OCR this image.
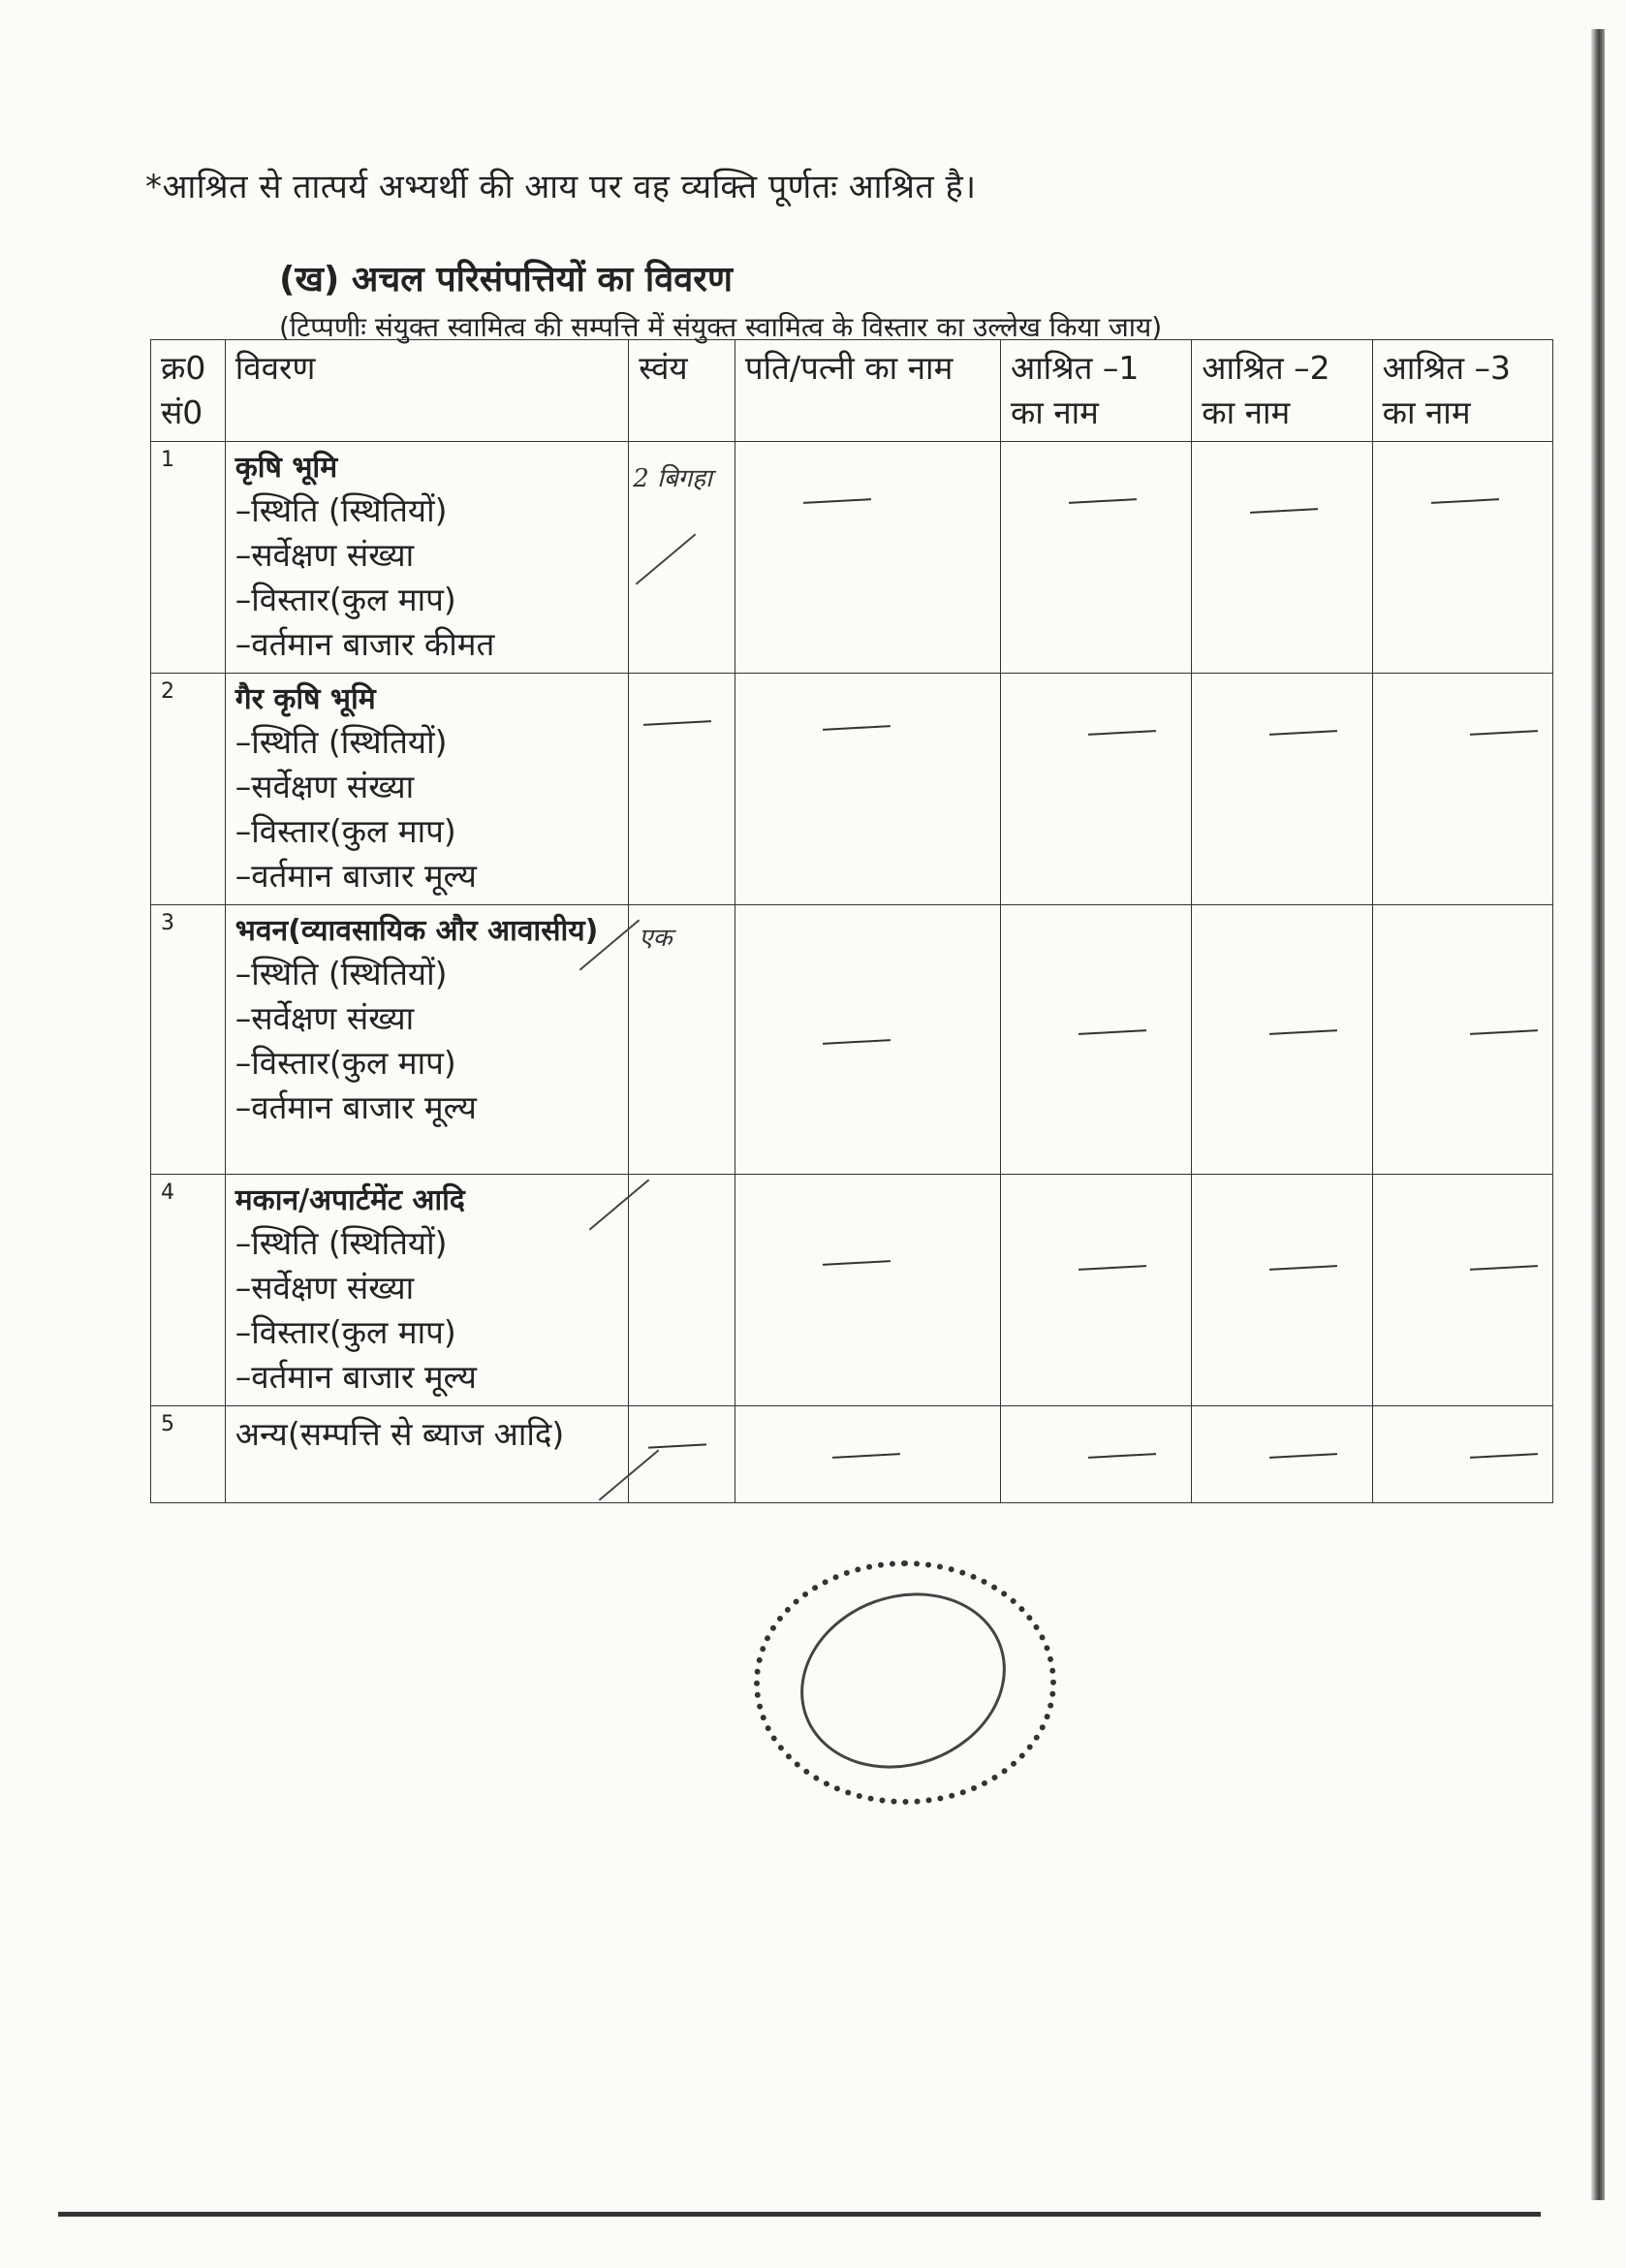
*आश्रित से तात्पर्य अभ्यर्थी की आय पर वह व्यक्ति पूर्णतः आश्रित है।
(ख) अचल परिसंपत्तियों का विवरण
(टिप्पणीः संयुक्त स्वामित्व की सम्पत्ति में संयुक्त स्वामित्व के विस्तार का उल्लेख किया जाय)
क्र0 सं0	विवरण	स्वंय	पति/पत्नी का नाम	आश्रित –1 का नाम	आश्रित –2 का नाम	आश्रित –3 का नाम
1	कृषि भूमि
–स्थिति (स्थितियों)
–सर्वेक्षण संख्या
–विस्तार(कुल माप)
–वर्तमान बाजार कीमत	2 बिगहा				

2	गैर कृषि भूमि
–स्थिति (स्थितियों)
–सर्वेक्षण संख्या
–विस्तार(कुल माप)
–वर्तमान बाजार मूल्य					

3	भवन(व्यावसायिक और आवासीय)
–स्थिति (स्थितियों)
–सर्वेक्षण संख्या
–विस्तार(कुल माप)
–वर्तमान बाजार मूल्य	एक				

4	मकान/अपार्टमेंट आदि
–स्थिति (स्थितियों)
–सर्वेक्षण संख्या
–विस्तार(कुल माप)
–वर्तमान बाजार मूल्य					

5	अन्य(सम्पत्ति से ब्याज आदि)					
